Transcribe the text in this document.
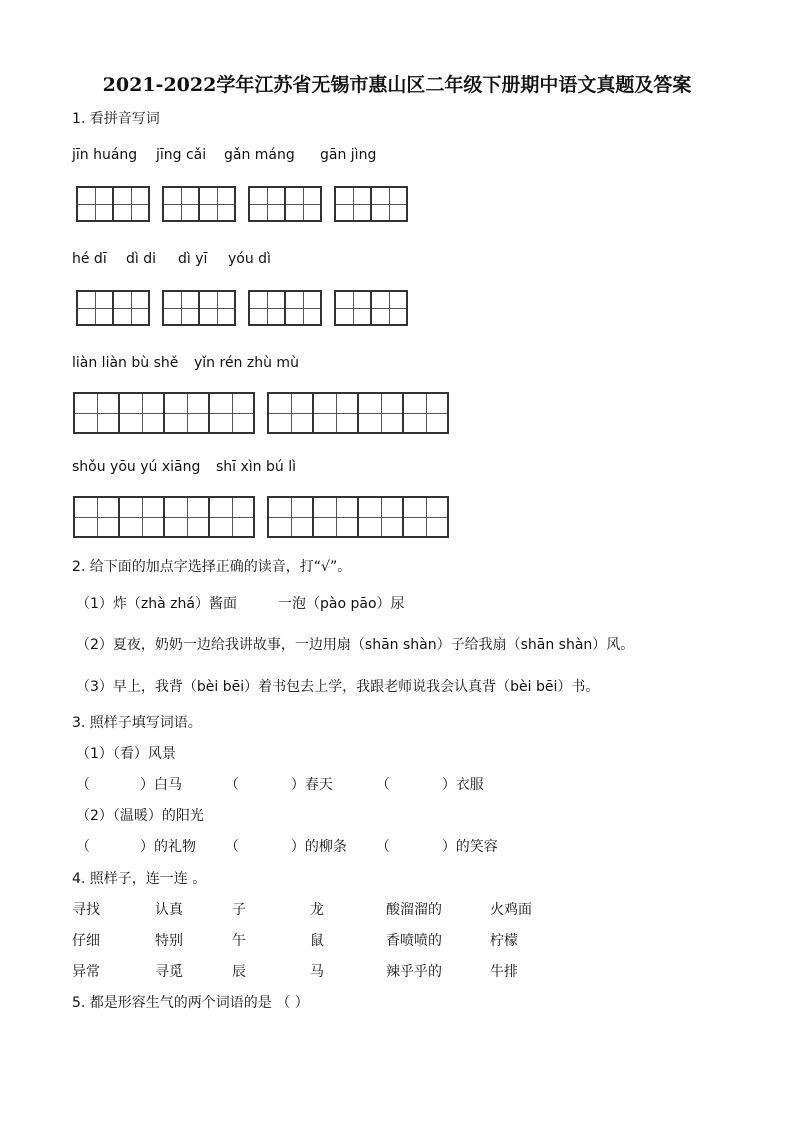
2021-2022学年江苏省无锡市惠山区二年级下册期中语文真题及答案
1. 看拼音写词
jīn huáng jīng cǎi gǎn máng gān jìng
hé dī dì di dì yī yóu dì
liàn liàn bù shě yǐn rén zhù mù
shǒu yōu yú xiāng shī xìn bú lì
2. 给下面的加点字选择正确的读音，打“√”。
（1）炸（zhà zhá）酱面	一泡（pào pāo）尿
（2）夏夜，奶奶一边给我讲故事，一边用扇（shān shàn）子给我扇（shān shàn）风。
（3）早上，我背（bèi bēi）着书包去上学，我跟老师说我会认真背（bèi bēi）书。
3. 照样子填写词语。
（1）（看）风景
（	）白马	（	）春天	（	）衣服
（2）（温暖）的阳光
（	）的礼物 （	）的柳条 （	）的笑容
4. 照样子，连一连 。
寻找	认真	子	龙	酸溜溜的	火鸡面
仔细	特别	午	鼠	香喷喷的	柠檬
异常	寻觅	辰	马	辣乎乎的	牛排
5. 都是形容生气的两个词语的是 （ ）
